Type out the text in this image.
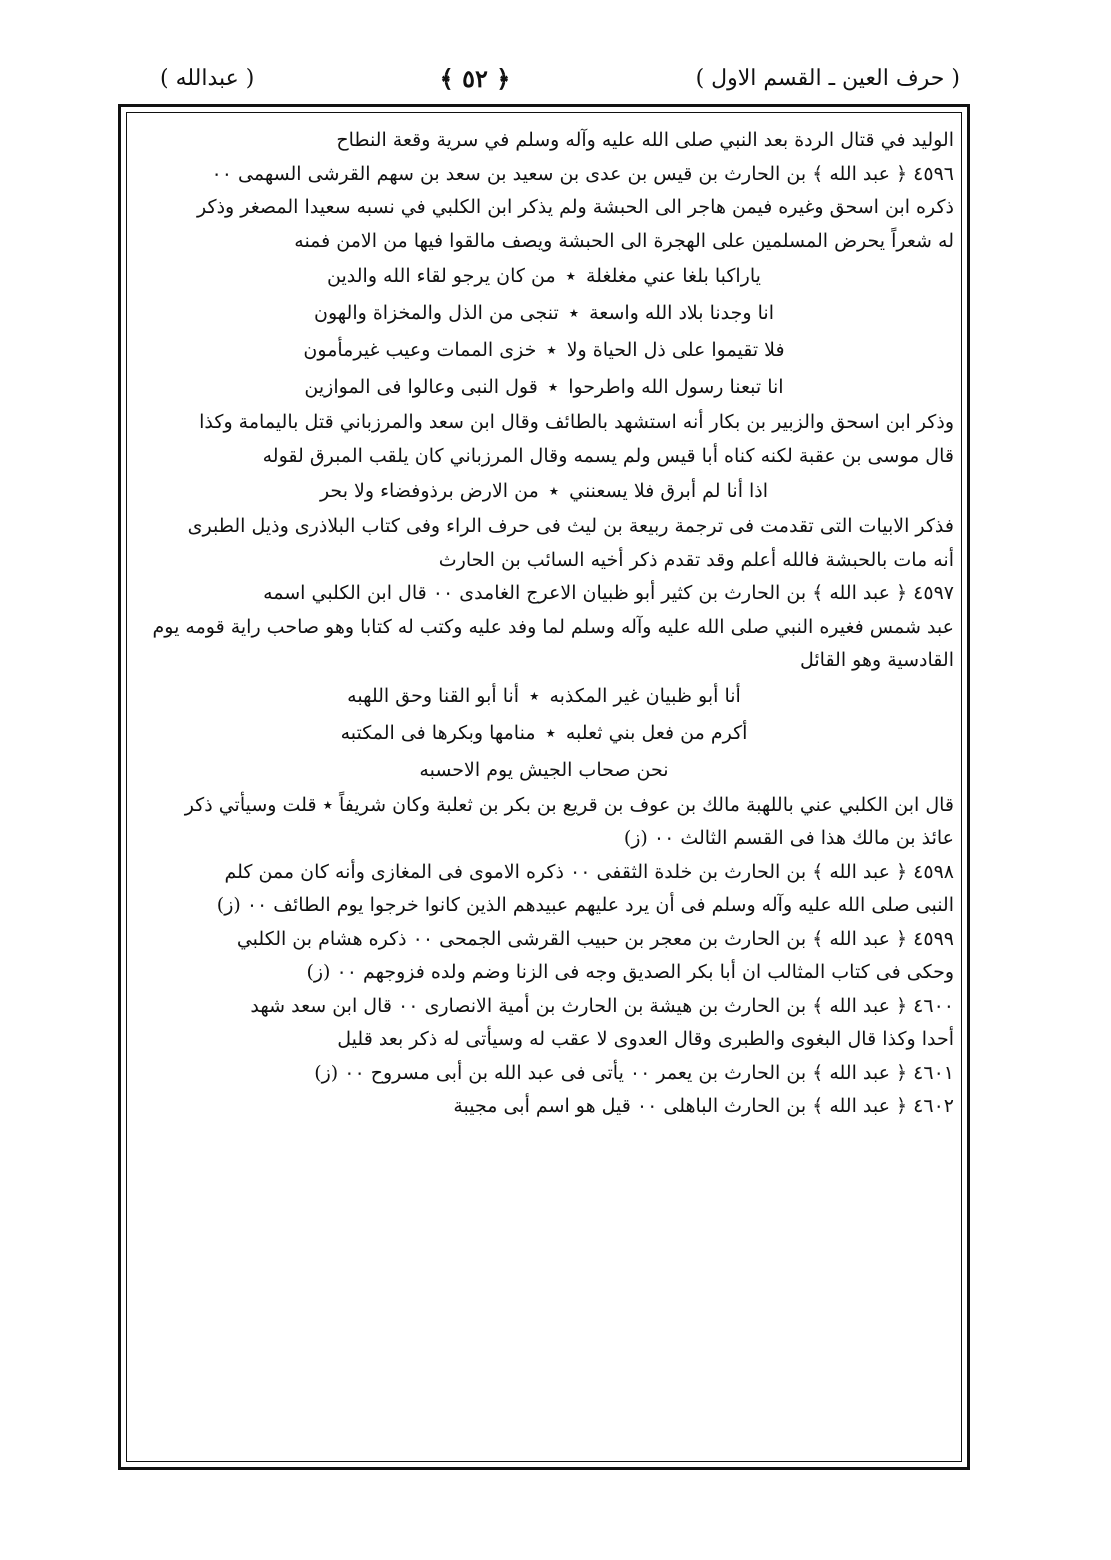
( حرف العين ـ القسم الاول )
﴿ ٥٢ ﴾
( عبدالله )
الوليد في قتال الردة بعد النبي صلى الله عليه وآله وسلم في سرية وقعة النطاح
٤٥٩٦ ﴿ عبد الله ﴾ بن الحارث بن قيس بن عدى بن سعيد بن سعد بن سهم القرشى السهمى ٠٠
ذكره ابن اسحق وغيره فيمن هاجر الى الحبشة ولم يذكر ابن الكلبي في نسبه سعيدا المصغر وذكر
له شعراً يحرض المسلمين على الهجرة الى الحبشة ويصف مالقوا فيها من الامن فمنه
ياراكبا بلغا عني مغلغلة٭من كان يرجو لقاء الله والدين
انا وجدنا بلاد الله واسعة٭تنجى من الذل والمخزاة والهون
فلا تقيموا على ذل الحياة ولا٭خزى الممات وعيب غيرمأمون
انا تبعنا رسول الله واطرحوا٭قول النبى وعالوا فى الموازين
وذكر ابن اسحق والزبير بن بكار أنه استشهد بالطائف وقال ابن سعد والمرزباني قتل باليمامة وكذا
قال موسى بن عقبة لكنه كناه أبا قيس ولم يسمه وقال المرزباني كان يلقب المبرق لقوله
اذا أنا لم أبرق فلا يسعنني٭من الارض برذوفضاء ولا بحر
فذكر الابيات التى تقدمت فى ترجمة ربيعة بن ليث فى حرف الراء وفى كتاب البلاذرى وذيل الطبرى
أنه مات بالحبشة فالله أعلم وقد تقدم ذكر أخيه السائب بن الحارث
٤٥٩٧ ﴿ عبد الله ﴾ بن الحارث بن كثير أبو ظبيان الاعرج الغامدى ٠٠ قال ابن الكلبي اسمه
عبد شمس فغيره النبي صلى الله عليه وآله وسلم لما وفد عليه وكتب له كتابا وهو صاحب راية قومه يوم
القادسية وهو القائل
أنا أبو ظبيان غير المكذبه٭أنا أبو القنا وحق اللهبه
أكرم من فعل بني ثعلبه٭منامها وبكرها فى المكتبه
نحن صحاب الجيش يوم الاحسبه
قال ابن الكلبي عني باللهبة مالك بن عوف بن قريع بن بكر بن ثعلبة وكان شريفاً ٭ قلت وسيأتي ذكر
عائذ بن مالك هذا فى القسم الثالث ٠٠ (ز)
٤٥٩٨ ﴿ عبد الله ﴾ بن الحارث بن خلدة الثقفى ٠٠ ذكره الاموى فى المغازى وأنه كان ممن كلم
النبى صلى الله عليه وآله وسلم فى أن يرد عليهم عبيدهم الذين كانوا خرجوا يوم الطائف ٠٠ (ز)
٤٥٩٩ ﴿ عبد الله ﴾ بن الحارث بن معجر بن حبيب القرشى الجمحى ٠٠ ذكره هشام بن الكلبي
وحكى فى كتاب المثالب ان أبا بكر الصديق وجه فى الزنا وضم ولده فزوجهم ٠٠ (ز)
٤٦٠٠ ﴿ عبد الله ﴾ بن الحارث بن هيشة بن الحارث بن أمية الانصارى ٠٠ قال ابن سعد شهد
أحدا وكذا قال البغوى والطبرى وقال العدوى لا عقب له وسيأتى له ذكر بعد قليل
٤٦٠١ ﴿ عبد الله ﴾ بن الحارث بن يعمر ٠٠ يأتى فى عبد الله بن أبى مسروح ٠٠ (ز)
٤٦٠٢ ﴿ عبد الله ﴾ بن الحارث الباهلى ٠٠ قيل هو اسم أبى مجيبة
